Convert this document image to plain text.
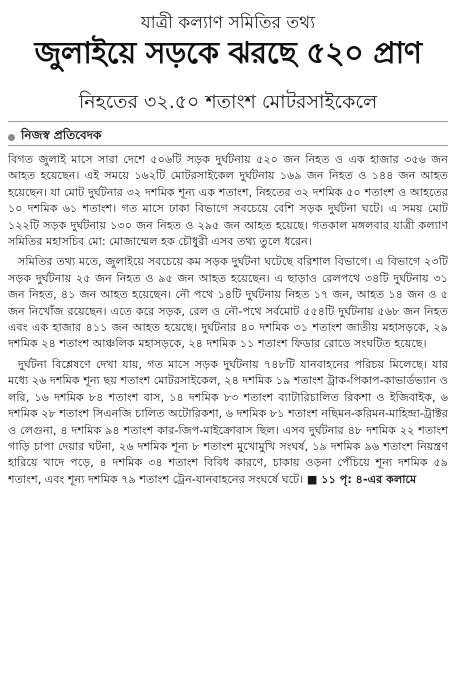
যাত্রী কল্যাণ সমিতির তথ্য
জুলাইয়ে সড়কে ঝরছে ৫২০ প্রাণ
নিহতের ৩২.৫০ শতাংশ মোটরসাইকেলে
নিজস্ব প্রতিবেদক

বিগত জুলাই মাসে সারা দেশে ৫০৬টি সড়ক দুর্ঘটনায় ৫২০ জন নিহত ও এক হাজার ৩৫৬ জন আহত হয়েছেন। এই সময়ে ১৬২টি মোটরসাইকেল দুর্ঘটনায় ১৬৯ জন নিহত ও ১৪৪ জন আহত হয়েছেন। যা মোট দুর্ঘটনার ৩২ দশমিক শূন্য এক শতাংশ, নিহতের ৩২ দশমিক ৫০ শতাংশ ও আহতের ১০ দশমিক ৬১ শতাংশ। গত মাসে ঢাকা বিভাগে সবচেয়ে বেশি সড়ক দুর্ঘটনা ঘটে। এ সময় মোট ১২২টি সড়ক দুর্ঘটনায় ১৩০ জন নিহত ও ২৯৫ জন আহত হয়েছে। গতকাল মঙ্গলবার যাত্রী কল্যাণ সমিতির মহাসচিব মো: মোজাম্মেল হক চৌধুরী এসব তথ্য তুলে ধরেন।

সমিতির তথ্য মতে, জুলাইয়ে সবচেয়ে কম সড়ক দুর্ঘটনা ঘটেছে বরিশাল বিভাগে। এ বিভাগে ২৩টি সড়ক দুর্ঘটনায় ২৫ জন নিহত ও ৯৫ জন আহত হয়েছেন। এ ছাড়াও রেলপথে ৩৪টি দুর্ঘটনায় ৩১ জন নিহত, ৪১ জন আহত হয়েছেন। নৌ পথে ১৪টি দুর্ঘটনায় নিহত ১৭ জন, আহত ১৪ জন ও ৫ জন নিখোঁজ রয়েছেন। এতে করে সড়ক, রেল ও নৌ-পথে সর্বমোট ৫৫৪টি দুর্ঘটনায় ৫৬৮ জন নিহত এবং এক হাজার ৪১১ জন আহত হয়েছে। দুর্ঘটনার ৪০ দশমিক ৩১ শতাংশ জাতীয় মহাসড়কে, ২৯ দশমিক ২৪ শতাংশ আঞ্চলিক মহাসড়কে, ২৪ দশমিক ১১ শতাংশ ফিডার রোডে সংঘটিত হয়েছে।

দুর্ঘটনা বিশ্লেষণে দেখা যায়, গত মাসে সড়ক দুর্ঘটনায় ৭৪৮টি যানবাহনের পরিচয় মিলেছে। যার মধ্যে ২৬ দশমিক শূন্য ছয় শতাংশ মোটরসাইকেল, ২৪ দশমিক ১৯ শতাংশ ট্রাক-পিকাপ-কাভার্ডভ্যান ও লরি, ১৬ দশমিক ৮৪ শতাংশ বাস, ১৪ দশমিক ৮৩ শতাংশ ব্যাটারিচালিত রিকশা ও ইজিবাইক, ৬ দশমিক ২৮ শতাংশ সিএনজি চালিত অটোরিকশা, ৬ দশমিক ৮১ শতাংশ নছিমন-করিমন-মাহিন্দ্রা-ট্রাক্টর ও লেগুনা, ৪ দশমিক ৯৪ শতাংশ কার-জিপ-মাইক্রোবাস ছিল। এসব দুর্ঘটনার ৪৮ দশমিক ২২ শতাংশ গাড়ি চাপা দেয়ার ঘটনা, ২৬ দশমিক শূন্য ৮ শতাংশ মুখোমুখি সংঘর্ষ, ১৯ দশমিক ৯৬ শতাংশ নিয়ন্ত্রণ হারিয়ে খাদে পড়ে, ৪ দশমিক ৩৪ শতাংশ বিবিধ কারণে, চাকায় ওড়না পেঁচিয়ে শূন্য দশমিক ৫৯ শতাংশ, এবং শূন্য দশমিক ৭৯ শতাংশ ট্রেন-যানবাহনের সংঘর্ষে ঘটে। ■ ১১ পৃ: ৪-এর কলামে
